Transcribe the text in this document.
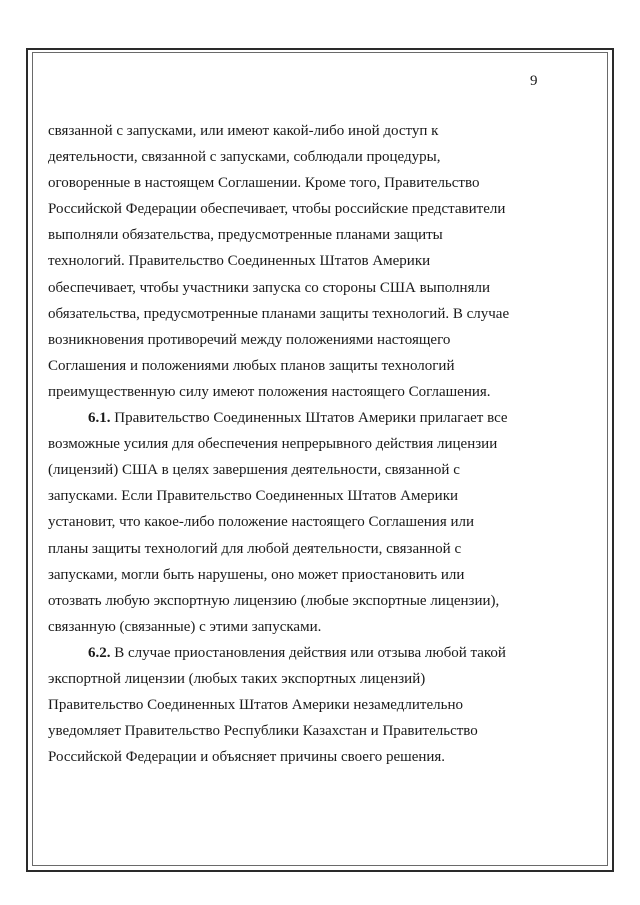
9
связанной с запусками, или имеют какой-либо иной доступ к
деятельности, связанной с запусками, соблюдали процедуры,
оговоренные в настоящем Соглашении. Кроме того, Правительство
Российской Федерации обеспечивает, чтобы российские представители
выполняли обязательства, предусмотренные планами защиты
технологий. Правительство Соединенных Штатов Америки
обеспечивает, чтобы участники запуска со стороны США выполняли
обязательства, предусмотренные планами защиты технологий. В случае
возникновения противоречий между положениями настоящего
Соглашения и положениями любых планов защиты технологий
преимущественную силу имеют положения настоящего Соглашения.
6.1. Правительство Соединенных Штатов Америки прилагает все
возможные усилия для обеспечения непрерывного действия лицензии
(лицензий) США в целях завершения деятельности, связанной с
запусками. Если Правительство Соединенных Штатов Америки
установит, что какое-либо положение настоящего Соглашения или
планы защиты технологий для любой деятельности, связанной с
запусками, могли быть нарушены, оно может приостановить или
отозвать любую экспортную лицензию (любые экспортные лицензии),
связанную (связанные) с этими запусками.
6.2. В случае приостановления действия или отзыва любой такой
экспортной лицензии (любых таких экспортных лицензий)
Правительство Соединенных Штатов Америки незамедлительно
уведомляет Правительство Республики Казахстан и Правительство
Российской Федерации и объясняет причины своего решения.
